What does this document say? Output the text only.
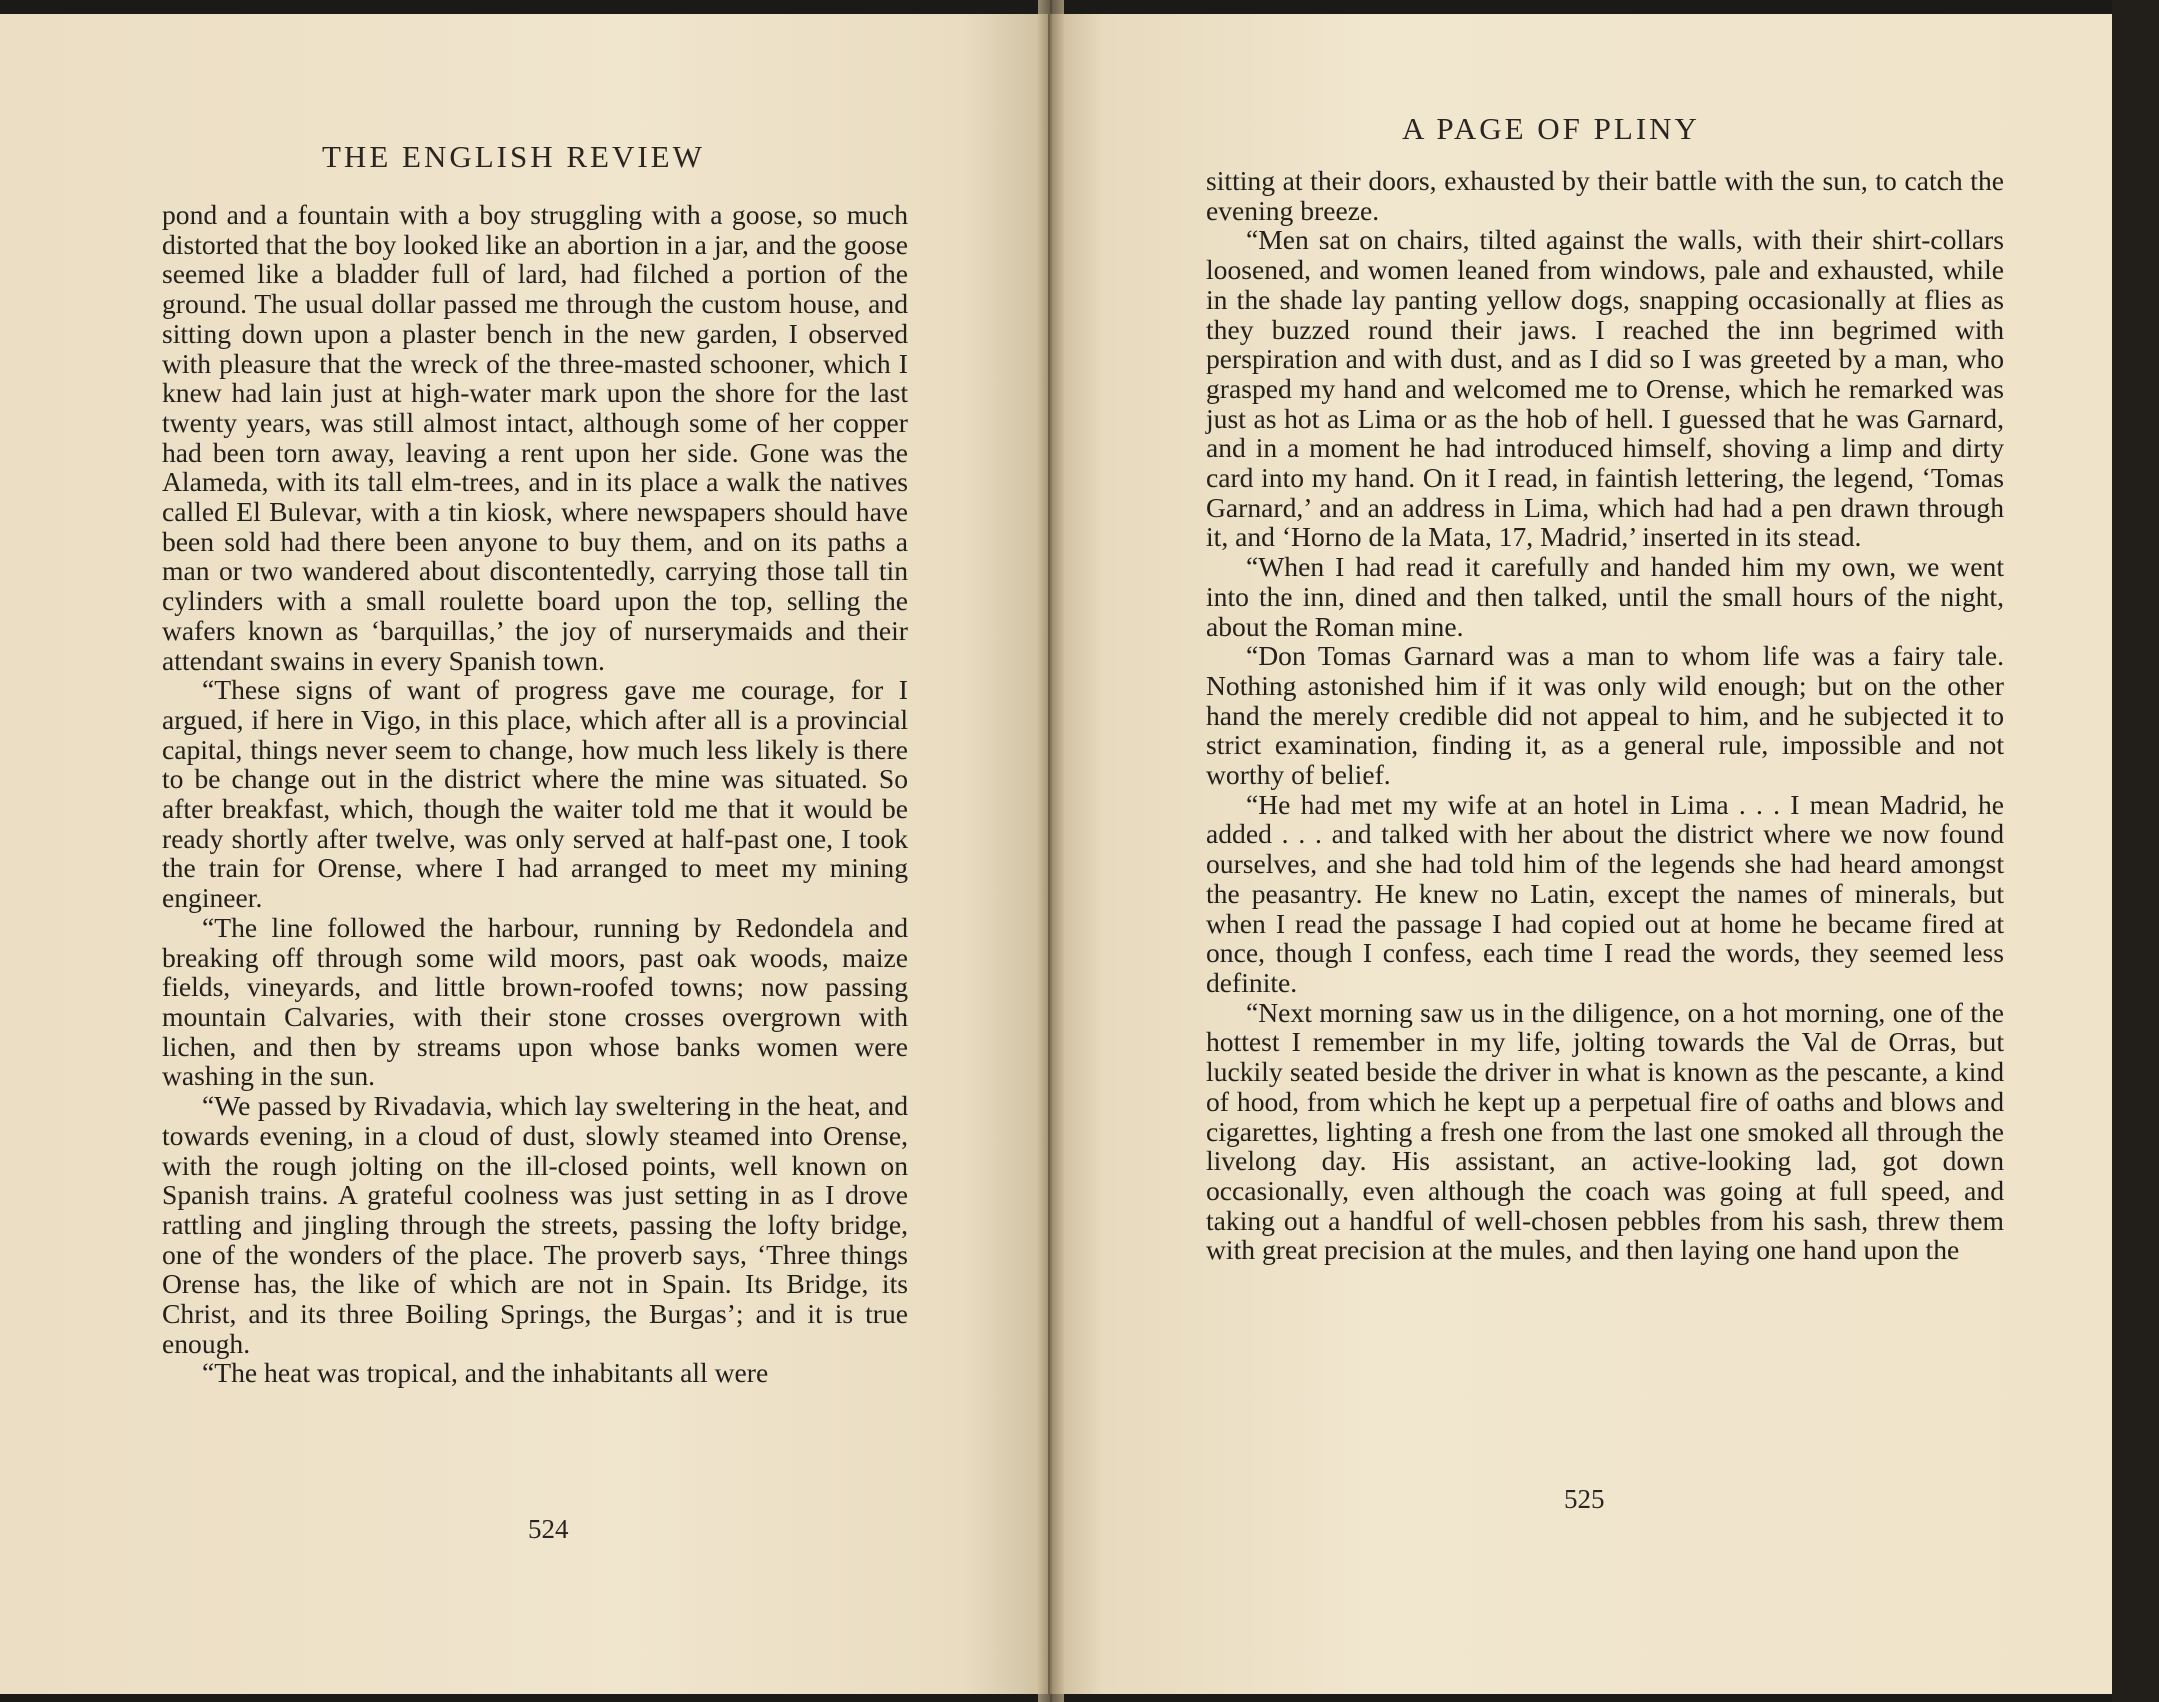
THE ENGLISH REVIEW

pond and a fountain with a boy struggling with a goose, so much distorted that the boy looked like an abortion in a jar, and the goose seemed like a bladder full of lard, had filched a portion of the ground. The usual dollar passed me through the custom house, and sitting down upon a plaster bench in the new garden, I observed with pleasure that the wreck of the three-masted schooner, which I knew had lain just at high-water mark upon the shore for the last twenty years, was still almost intact, although some of her copper had been torn away, leaving a rent upon her side. Gone was the Alameda, with its tall elm-trees, and in its place a walk the natives called El Bulevar, with a tin kiosk, where newspapers should have been sold had there been anyone to buy them, and on its paths a man or two wandered about discontentedly, carrying those tall tin cylinders with a small roulette board upon the top, selling the wafers known as ‘barquillas,’ the joy of nurserymaids and their attendant swains in every Spanish town.

“These signs of want of progress gave me courage, for I argued, if here in Vigo, in this place, which after all is a provincial capital, things never seem to change, how much less likely is there to be change out in the district where the mine was situated. So after breakfast, which, though the waiter told me that it would be ready shortly after twelve, was only served at half-past one, I took the train for Orense, where I had arranged to meet my mining engineer.

“The line followed the harbour, running by Redondela and breaking off through some wild moors, past oak woods, maize fields, vineyards, and little brown-roofed towns; now passing mountain Calvaries, with their stone crosses overgrown with lichen, and then by streams upon whose banks women were washing in the sun.

“We passed by Rivadavia, which lay sweltering in the heat, and towards evening, in a cloud of dust, slowly steamed into Orense, with the rough jolting on the ill-closed points, well known on Spanish trains. A grateful coolness was just setting in as I drove rattling and jingling through the streets, passing the lofty bridge, one of the wonders of the place. The proverb says, ‘Three things Orense has, the like of which are not in Spain. Its Bridge, its Christ, and its three Boiling Springs, the Burgas’; and it is true enough.

“The heat was tropical, and the inhabitants all were

524
A PAGE OF PLINY

sitting at their doors, exhausted by their battle with the sun, to catch the evening breeze.

“Men sat on chairs, tilted against the walls, with their shirt-collars loosened, and women leaned from windows, pale and exhausted, while in the shade lay panting yellow dogs, snapping occasionally at flies as they buzzed round their jaws. I reached the inn begrimed with perspiration and with dust, and as I did so I was greeted by a man, who grasped my hand and welcomed me to Orense, which he remarked was just as hot as Lima or as the hob of hell. I guessed that he was Garnard, and in a moment he had introduced himself, shoving a limp and dirty card into my hand. On it I read, in faintish lettering, the legend, ‘Tomas Garnard,’ and an address in Lima, which had had a pen drawn through it, and ‘Horno de la Mata, 17, Madrid,’ inserted in its stead.

“When I had read it carefully and handed him my own, we went into the inn, dined and then talked, until the small hours of the night, about the Roman mine.

“Don Tomas Garnard was a man to whom life was a fairy tale. Nothing astonished him if it was only wild enough; but on the other hand the merely credible did not appeal to him, and he subjected it to strict examination, finding it, as a general rule, impossible and not worthy of belief.

“He had met my wife at an hotel in Lima . . . I mean Madrid, he added . . . and talked with her about the district where we now found ourselves, and she had told him of the legends she had heard amongst the peasantry. He knew no Latin, except the names of minerals, but when I read the passage I had copied out at home he became fired at once, though I confess, each time I read the words, they seemed less definite.

“Next morning saw us in the diligence, on a hot morning, one of the hottest I remember in my life, jolting towards the Val de Orras, but luckily seated beside the driver in what is known as the pescante, a kind of hood, from which he kept up a perpetual fire of oaths and blows and cigarettes, lighting a fresh one from the last one smoked all through the livelong day. His assistant, an active-looking lad, got down occasionally, even although the coach was going at full speed, and taking out a handful of well-chosen pebbles from his sash, threw them with great precision at the mules, and then laying one hand upon the

525
